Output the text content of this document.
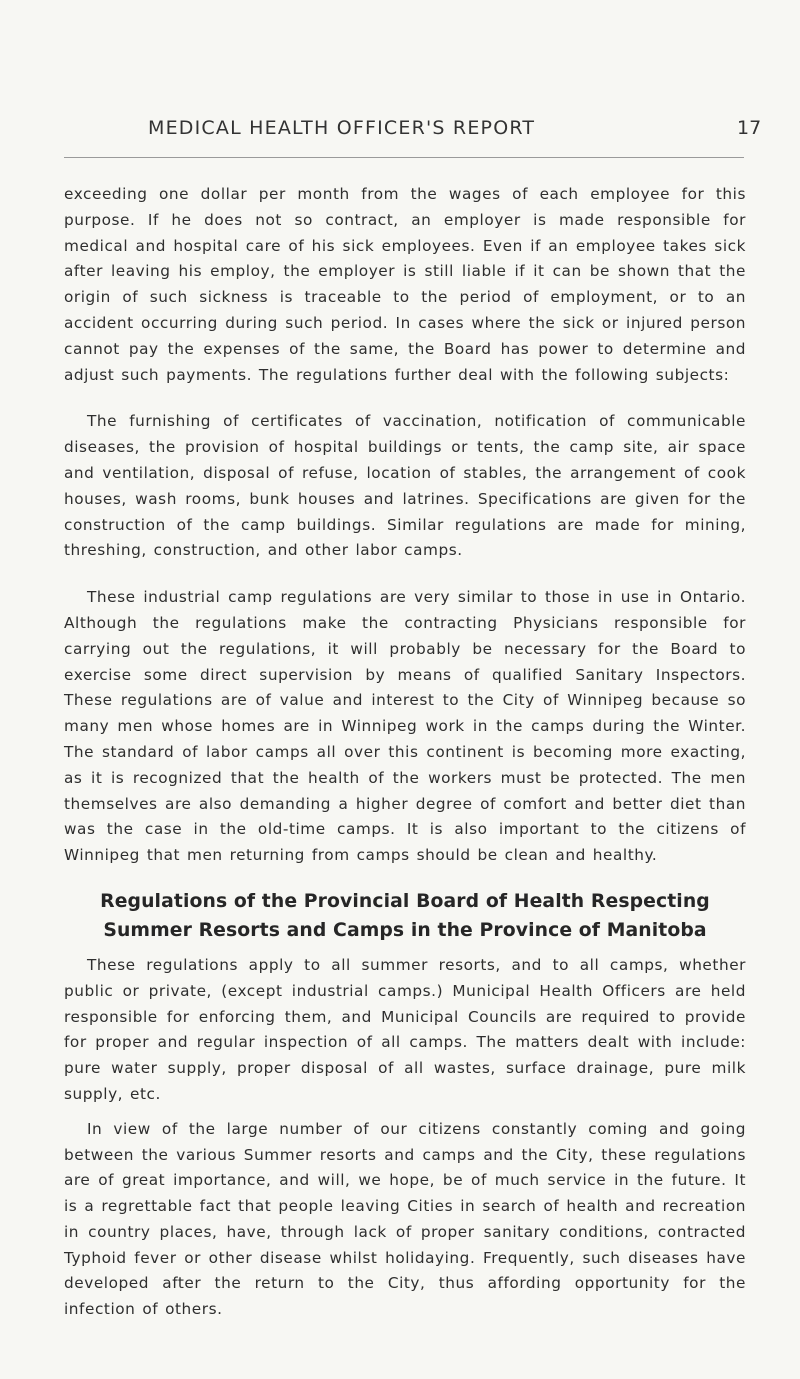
MEDICAL HEALTH OFFICER'S REPORT	17

exceeding one dollar per month from the wages of each employee for this purpose. If he does not so contract, an employer is made responsible for medical and hospital care of his sick employees. Even if an employee takes sick after leaving his employ, the employer is still liable if it can be shown that the origin of such sickness is traceable to the period of employment, or to an accident occurring during such period. In cases where the sick or injured person cannot pay the expenses of the same, the Board has power to determine and adjust such payments. The regulations further deal with the following subjects:

The furnishing of certificates of vaccination, notification of communicable diseases, the provision of hospital buildings or tents, the camp site, air space and ventilation, disposal of refuse, location of stables, the arrangement of cook houses, wash rooms, bunk houses and latrines. Specifications are given for the construction of the camp buildings. Similar regulations are made for mining, threshing, construction, and other labor camps.

These industrial camp regulations are very similar to those in use in Ontario. Although the regulations make the contracting Physicians responsible for carrying out the regulations, it will probably be necessary for the Board to exercise some direct supervision by means of qualified Sanitary Inspectors. These regulations are of value and interest to the City of Winnipeg because so many men whose homes are in Winnipeg work in the camps during the Winter. The standard of labor camps all over this continent is becoming more exacting, as it is recognized that the health of the workers must be protected. The men themselves are also demanding a higher degree of comfort and better diet than was the case in the old-time camps. It is also important to the citizens of Winnipeg that men returning from camps should be clean and healthy.

Regulations of the Provincial Board of Health Respecting Summer Resorts and Camps in the Province of Manitoba

These regulations apply to all summer resorts, and to all camps, whether public or private, (except industrial camps.) Municipal Health Officers are held responsible for enforcing them, and Municipal Councils are required to provide for proper and regular inspection of all camps. The matters dealt with include: pure water supply, proper disposal of all wastes, surface drainage, pure milk supply, etc.

In view of the large number of our citizens constantly coming and going between the various Summer resorts and camps and the City, these regulations are of great importance, and will, we hope, be of much service in the future. It is a regrettable fact that people leaving Cities in search of health and recreation in country places, have, through lack of proper sanitary conditions, contracted Typhoid fever or other disease whilst holidaying. Frequently, such diseases have developed after the return to the City, thus affording opportunity for the infection of others.
